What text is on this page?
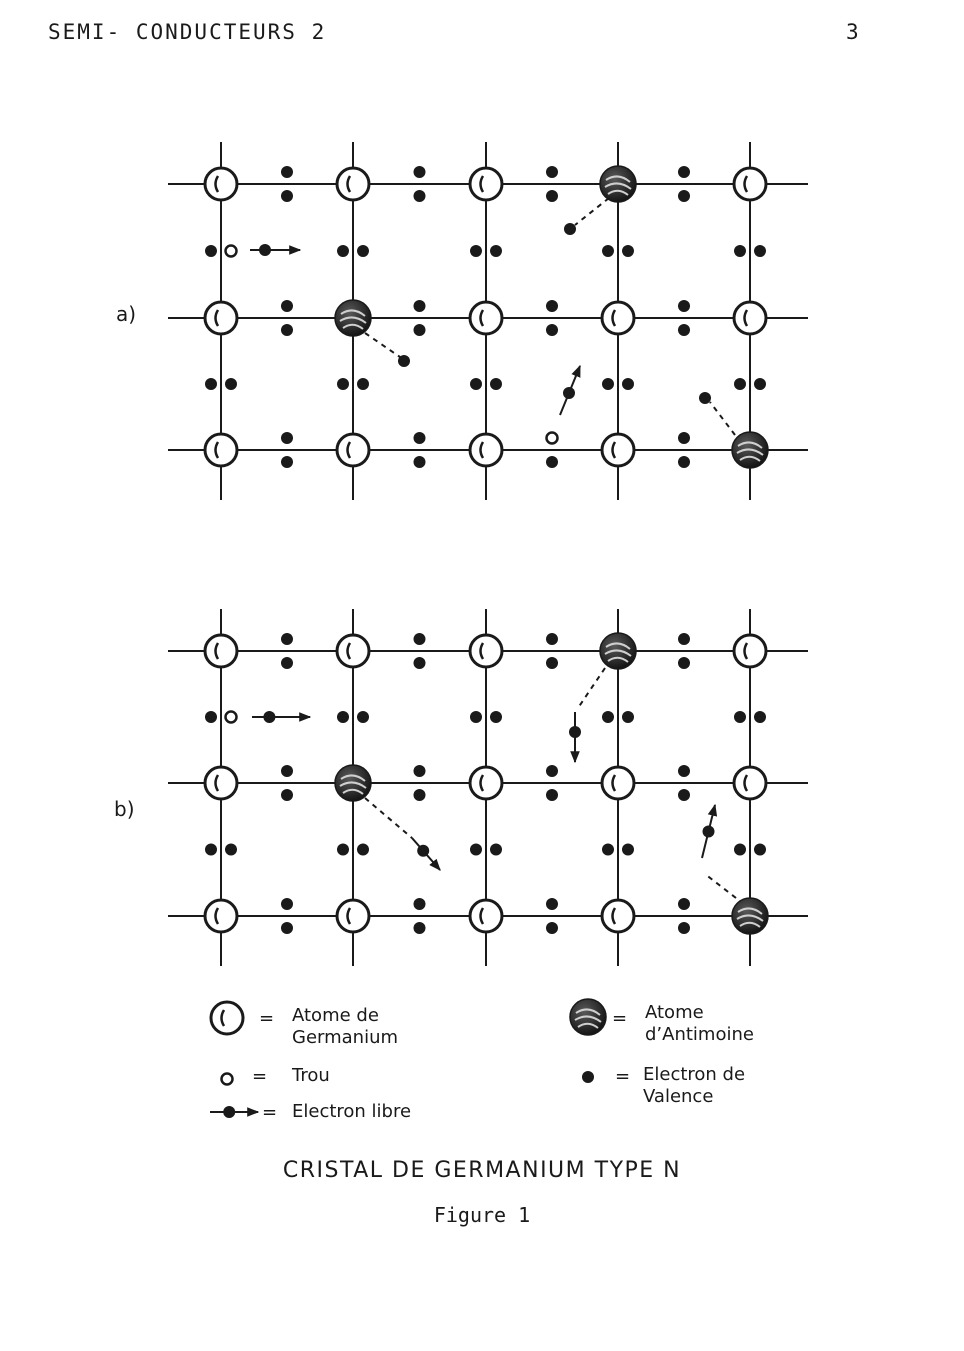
SEMI- CONDUCTEURS 2	3
a)
b)
= Atome de
Germanium
= Atome
d’Antimoine
= Trou	= Electron de
Valence
= Electron libre
CRISTAL DE GERMANIUM TYPE N
Figure 1
